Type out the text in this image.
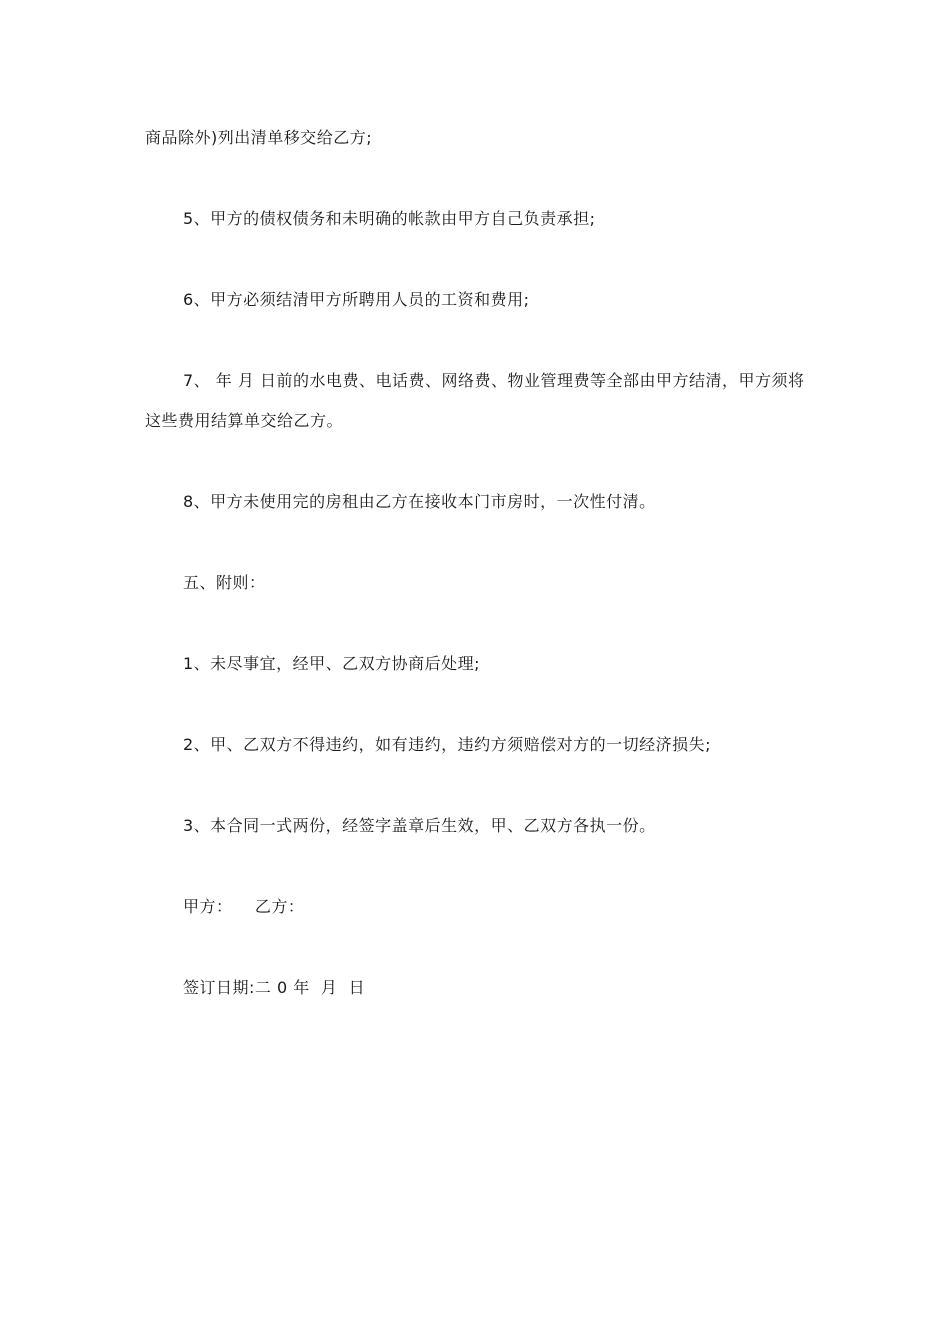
商品除外)列出清单移交给乙方;

5、甲方的债权债务和未明确的帐款由甲方自己负责承担;

6、甲方必须结清甲方所聘用人员的工资和费用;

7、 年 月 日前的水电费、电话费、网络费、物业管理费等全部由甲方结清，甲方须将这些费用结算单交给乙方。

8、甲方未使用完的房租由乙方在接收本门市房时，一次性付清。

五、附则：

1、未尽事宜，经甲、乙双方协商后处理;

2、甲、乙双方不得违约，如有违约，违约方须赔偿对方的一切经济损失;

3、本合同一式两份，经签字盖章后生效，甲、乙双方各执一份。

甲方：    乙方：

签订日期:二 0 年  月  日
